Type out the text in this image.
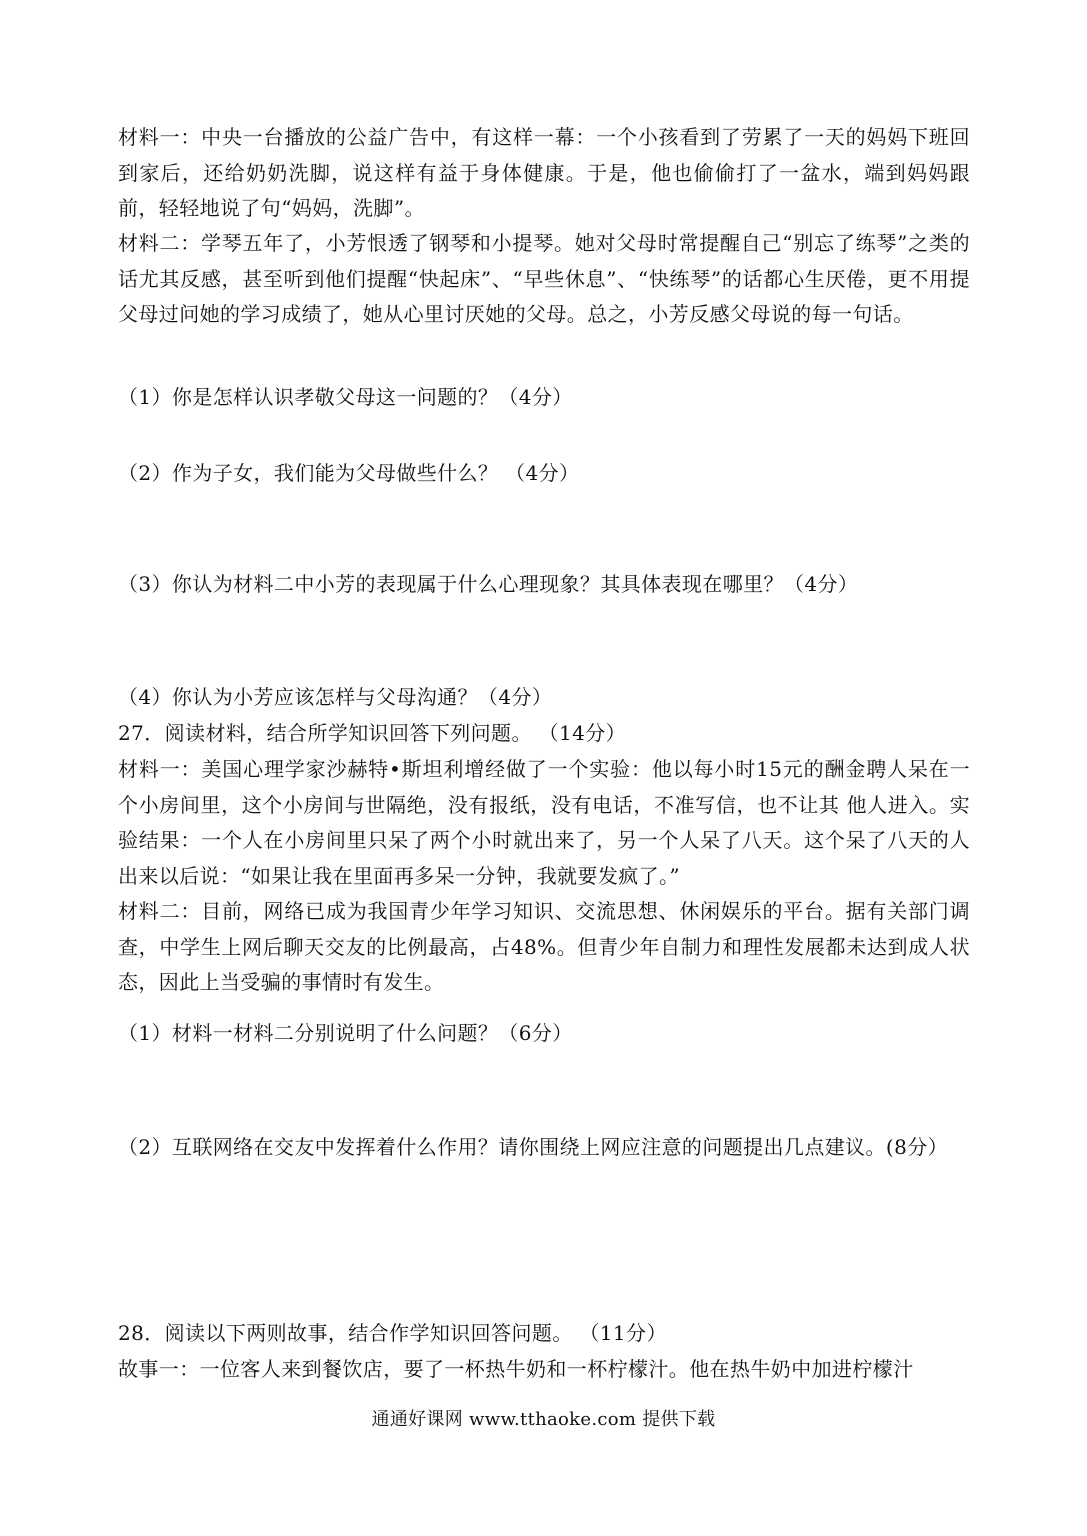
材料一：中央一台播放的公益广告中，有这样一幕：一个小孩看到了劳累了一天的妈妈下班回到家后，还给奶奶洗脚，说这样有益于身体健康。于是，他也偷偷打了一盆水，端到妈妈跟前，轻轻地说了句“妈妈，洗脚”。
材料二：学琴五年了，小芳恨透了钢琴和小提琴。她对父母时常提醒自己“别忘了练琴”之类的话尤其反感，甚至听到他们提醒“快起床”、“早些休息”、“快练琴”的话都心生厌倦，更不用提父母过问她的学习成绩了，她从心里讨厌她的父母。总之，小芳反感父母说的每一句话。
（1）你是怎样认识孝敬父母这一问题的？（4分）
（2）作为子女，我们能为父母做些什么？ （4分）
（3）你认为材料二中小芳的表现属于什么心理现象？其具体表现在哪里？（4分）
（4）你认为小芳应该怎样与父母沟通？（4分）
27．阅读材料，结合所学知识回答下列问题。 （14分）
材料一：美国心理学家沙赫特•斯坦利增经做了一个实验：他以每小时15元的酬金聘人呆在一个小房间里，这个小房间与世隔绝，没有报纸，没有电话，不准写信，也不让其 他人进入。实验结果：一个人在小房间里只呆了两个小时就出来了，另一个人呆了八天。这个呆了八天的人出来以后说：“如果让我在里面再多呆一分钟，我就要发疯了。”
材料二：目前，网络已成为我国青少年学习知识、交流思想、休闲娱乐的平台。据有关部门调查，中学生上网后聊天交友的比例最高，占48%。但青少年自制力和理性发展都未达到成人状态，因此上当受骗的事情时有发生。
（1）材料一材料二分别说明了什么问题？（6分）
（2）互联网络在交友中发挥着什么作用？请你围绕上网应注意的问题提出几点建议。(8分）
28．阅读以下两则故事，结合作学知识回答问题。 （11分）
故事一：一位客人来到餐饮店，要了一杯热牛奶和一杯柠檬汁。他在热牛奶中加进柠檬汁
通通好课网 www.tthaoke.com 提供下载
